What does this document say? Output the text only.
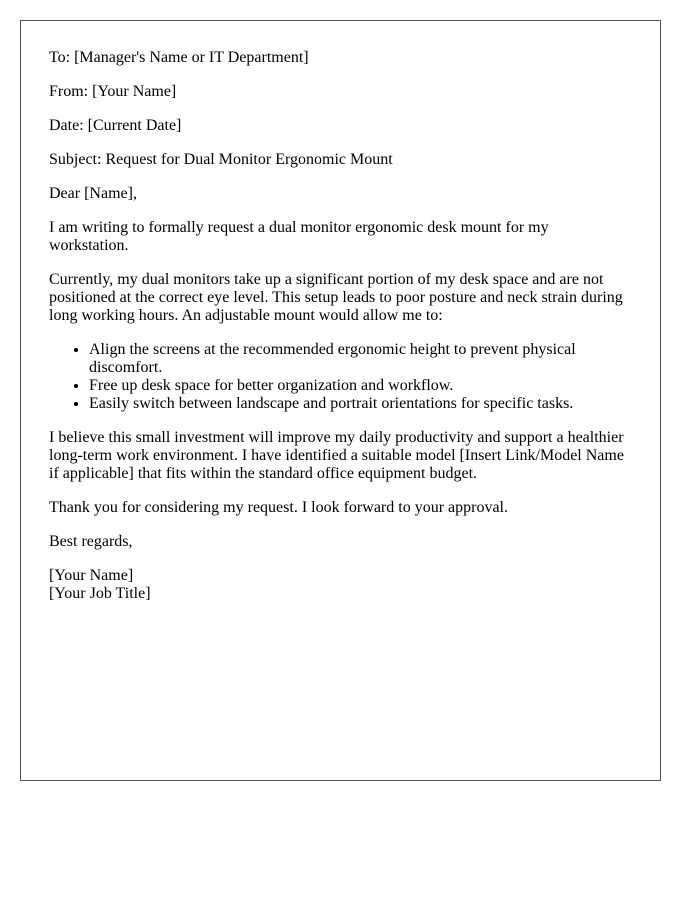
To: [Manager's Name or IT Department]

From: [Your Name]

Date: [Current Date]

Subject: Request for Dual Monitor Ergonomic Mount

Dear [Name],

I am writing to formally request a dual monitor ergonomic desk mount for my workstation.

Currently, my dual monitors take up a significant portion of my desk space and are not positioned at the correct eye level. This setup leads to poor posture and neck strain during long working hours. An adjustable mount would allow me to:

• Align the screens at the recommended ergonomic height to prevent physical discomfort.
• Free up desk space for better organization and workflow.
• Easily switch between landscape and portrait orientations for specific tasks.

I believe this small investment will improve my daily productivity and support a healthier long-term work environment. I have identified a suitable model [Insert Link/Model Name if applicable] that fits within the standard office equipment budget.

Thank you for considering my request. I look forward to your approval.

Best regards,

[Your Name]
[Your Job Title]
